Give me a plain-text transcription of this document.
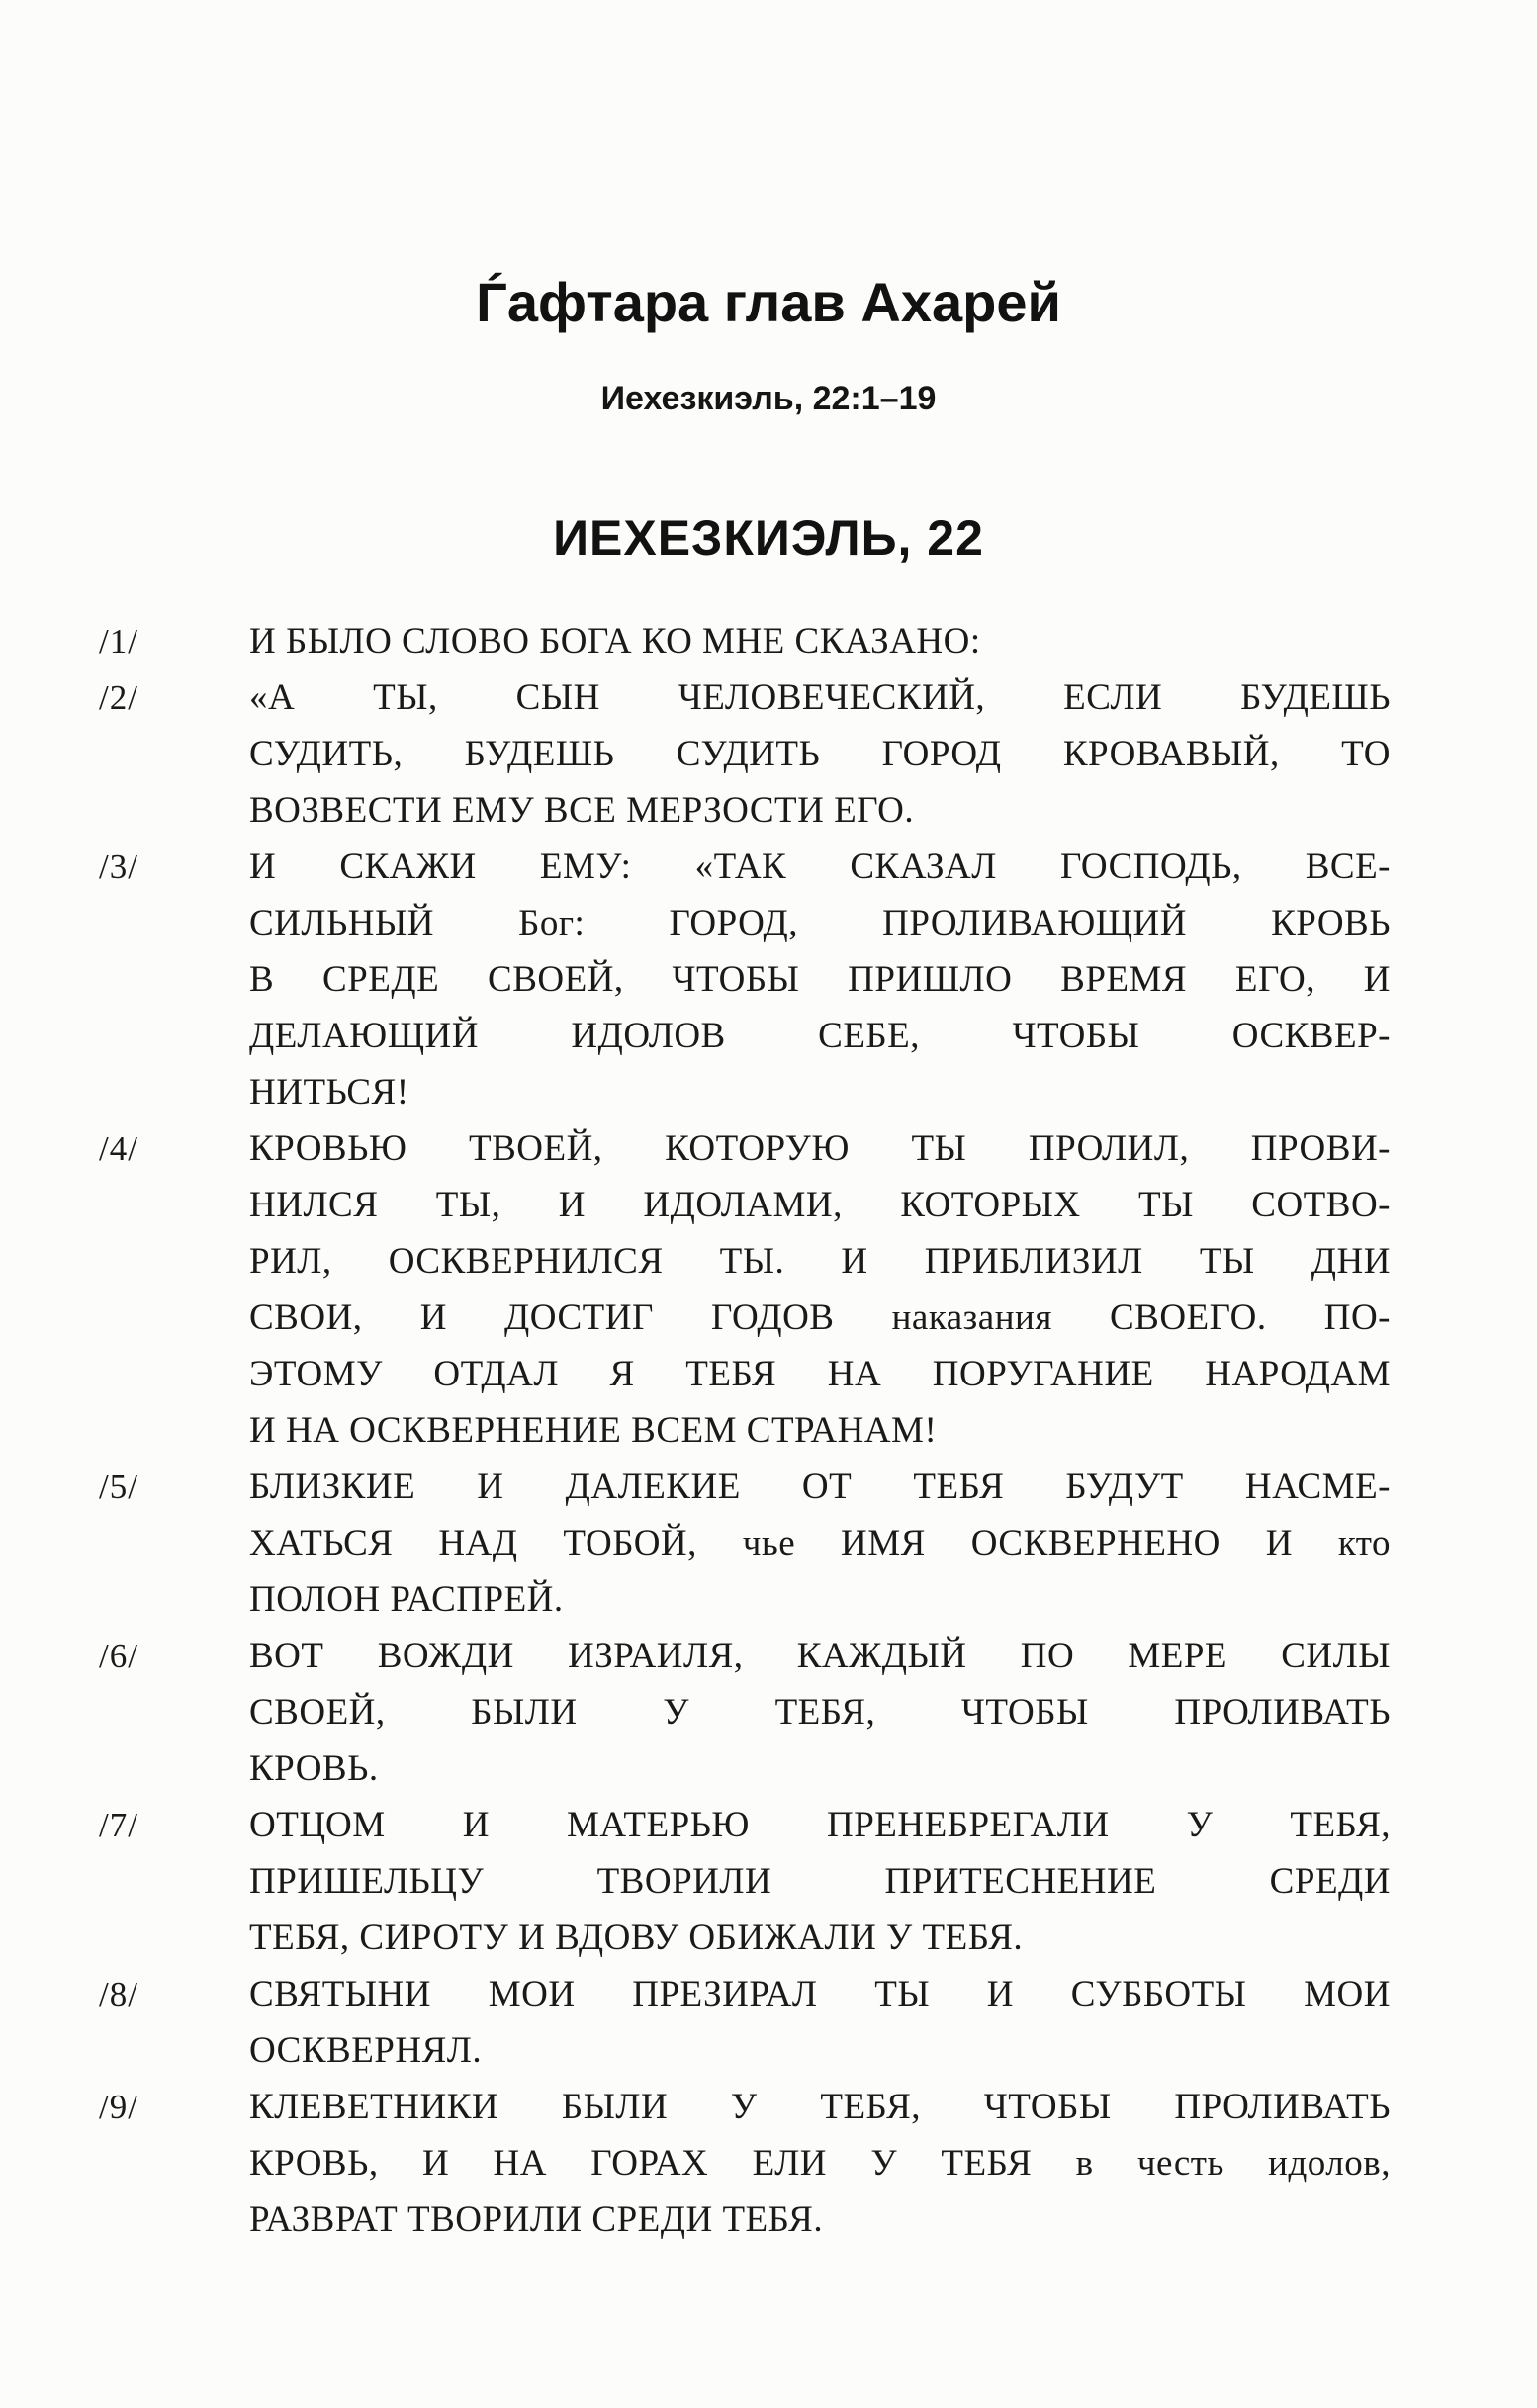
Ѓафтара глав Ахарей
Иехезкиэль, 22:1–19
ИЕХЕЗКИЭЛЬ, 22
/1/	И БЫЛО СЛОВО БОГА КО МНЕ СКАЗАНО:
/2/	«А ТЫ, СЫН ЧЕЛОВЕЧЕСКИЙ, ЕСЛИ БУДЕШЬ
СУДИТЬ, БУДЕШЬ СУДИТЬ ГОРОД КРОВАВЫЙ, ТО
ВОЗВЕСТИ ЕМУ ВСЕ МЕРЗОСТИ ЕГО.
/3/	И СКАЖИ ЕМУ: «ТАК СКАЗАЛ ГОСПОДЬ, ВСЕ-
СИЛЬНЫЙ Бог: ГОРОД, ПРОЛИВАЮЩИЙ КРОВЬ
В СРЕДЕ СВОЕЙ, ЧТОБЫ ПРИШЛО ВРЕМЯ ЕГО, И
ДЕЛАЮЩИЙ ИДОЛОВ СЕБЕ, ЧТОБЫ ОСКВЕР-
НИТЬСЯ!
/4/	КРОВЬЮ ТВОЕЙ, КОТОРУЮ ТЫ ПРОЛИЛ, ПРОВИ-
НИЛСЯ ТЫ, И ИДОЛАМИ, КОТОРЫХ ТЫ СОТВО-
РИЛ, ОСКВЕРНИЛСЯ ТЫ. И ПРИБЛИЗИЛ ТЫ ДНИ
СВОИ, И ДОСТИГ ГОДОВ наказания СВОЕГО. ПО-
ЭТОМУ ОТДАЛ Я ТЕБЯ НА ПОРУГАНИЕ НАРОДАМ
И НА ОСКВЕРНЕНИЕ ВСЕМ СТРАНАМ!
/5/	БЛИЗКИЕ И ДАЛЕКИЕ ОТ ТЕБЯ БУДУТ НАСМЕ-
ХАТЬСЯ НАД ТОБОЙ, чье ИМЯ ОСКВЕРНЕНО И кто
ПОЛОН РАСПРЕЙ.
/6/	ВОТ ВОЖДИ ИЗРАИЛЯ, КАЖДЫЙ ПО МЕРЕ СИЛЫ
СВОЕЙ, БЫЛИ У ТЕБЯ, ЧТОБЫ ПРОЛИВАТЬ
КРОВЬ.
/7/	ОТЦОМ И МАТЕРЬЮ ПРЕНЕБРЕГАЛИ У ТЕБЯ,
ПРИШЕЛЬЦУ ТВОРИЛИ ПРИТЕСНЕНИЕ СРЕДИ
ТЕБЯ, СИРОТУ И ВДОВУ ОБИЖАЛИ У ТЕБЯ.
/8/	СВЯТЫНИ МОИ ПРЕЗИРАЛ ТЫ И СУББОТЫ МОИ
ОСКВЕРНЯЛ.
/9/	КЛЕВЕТНИКИ БЫЛИ У ТЕБЯ, ЧТОБЫ ПРОЛИВАТЬ
КРОВЬ, И НА ГОРАХ ЕЛИ У ТЕБЯ в честь идолов,
РАЗВРАТ ТВОРИЛИ СРЕДИ ТЕБЯ.
